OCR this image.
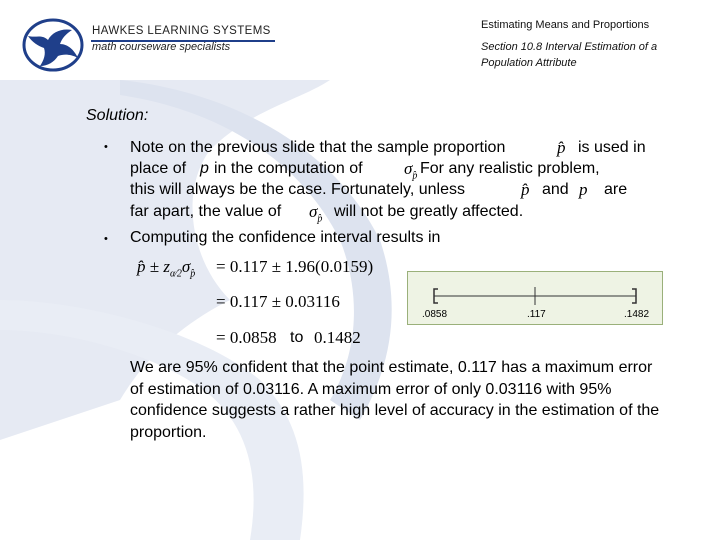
HAWKES LEARNING SYSTEMS
math courseware specialists
Estimating Means and Proportions
Section 10.8 Interval Estimation of a Population Attribute
Solution:
• Note on the previous slide that the sample proportion	p̂ is used in
place of p in the computation of $\sigma_{p̂}$ For any realistic problem,
this will always be the case. Fortunately, unless	p̂ and p are
far apart, the value of $\sigma_{p̂}$ will not be greatly affected.
• Computing the confidence interval results in
p̂ ± $z_{\alpha⁄2}\sigma_{p̂} = 0.117 \pm 1.96(0.0159)$
= 0.117 ± 0.03116
= 0.0858 to 0.1482
.0858	.117	.1482
We are 95% confident that the point estimate, 0.117 has a maximum error of estimation of 0.03116. A maximum error of only 0.03116 with 95% confidence suggests a rather high level of accuracy in the estimation of the proportion.
